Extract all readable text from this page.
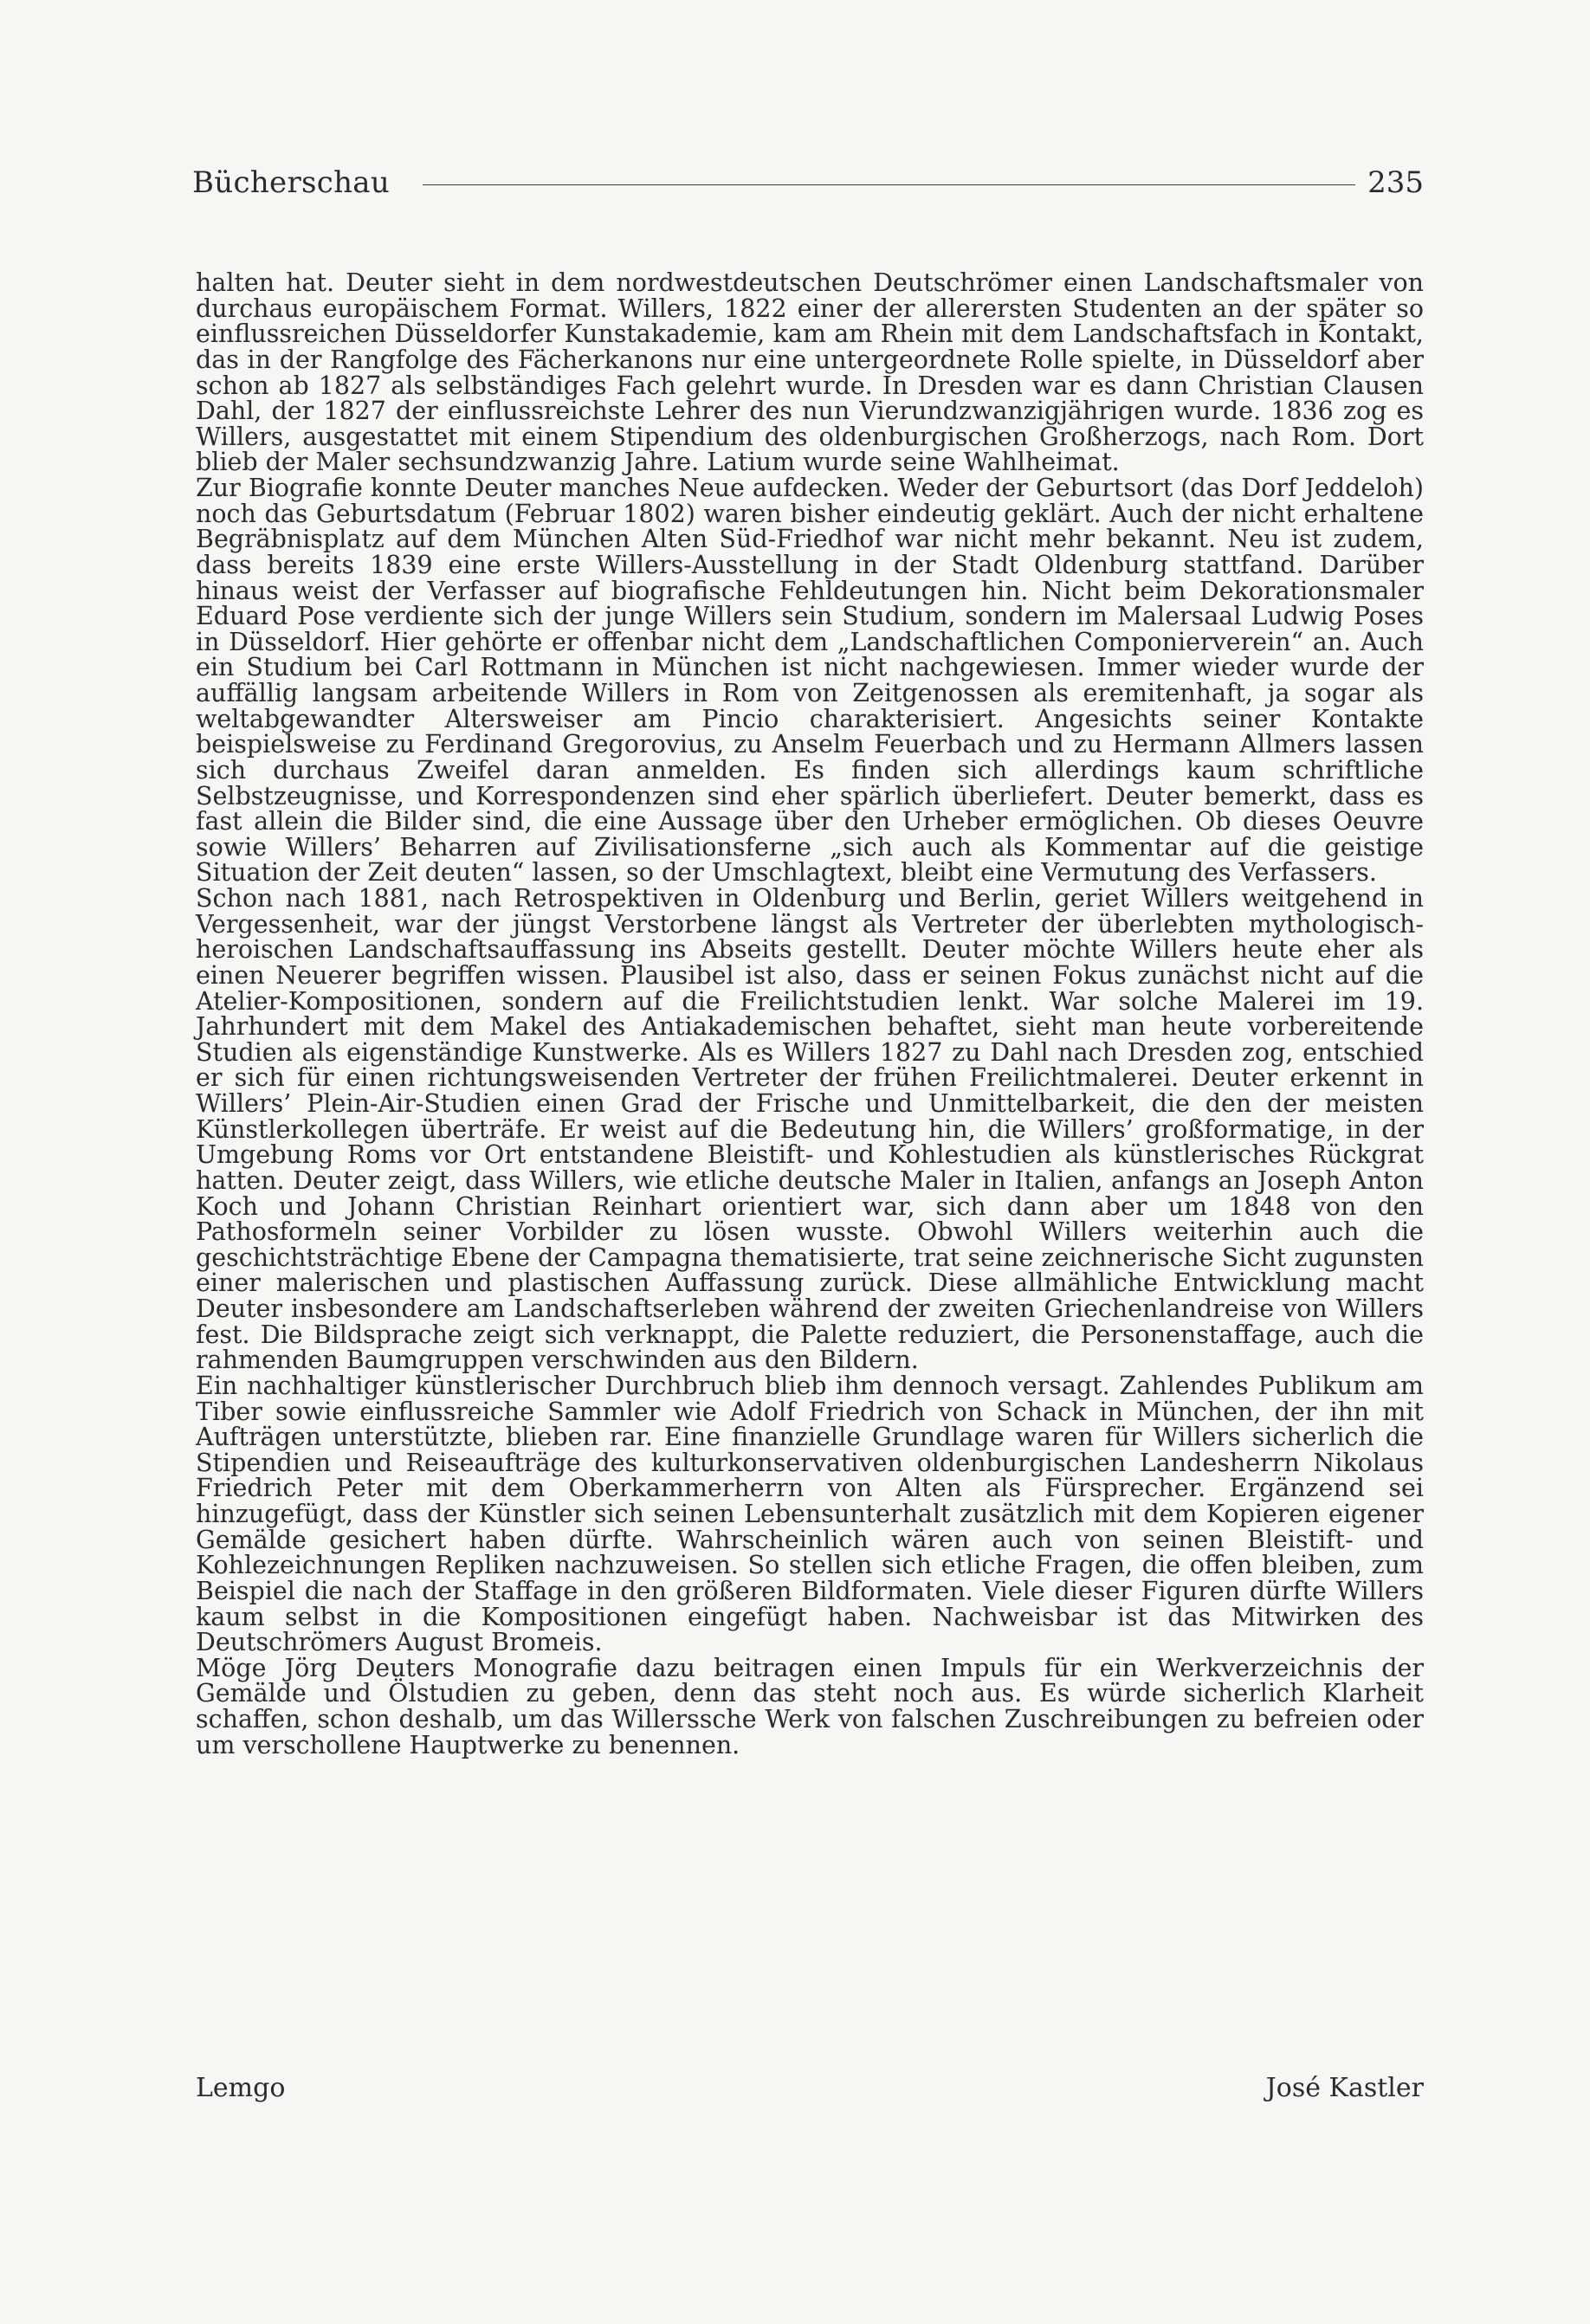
Bücherschau	235

halten hat. Deuter sieht in dem nordwestdeutschen Deutschrömer einen Landschaftsmaler von durchaus europäischem Format. Willers, 1822 einer der allerersten Studenten an der später so einflussreichen Düsseldorfer Kunstakademie, kam am Rhein mit dem Landschaftsfach in Kontakt, das in der Rangfolge des Fächerkanons nur eine untergeordnete Rolle spielte, in Düsseldorf aber schon ab 1827 als selbständiges Fach gelehrt wurde. In Dresden war es dann Christian Clausen Dahl, der 1827 der einflussreichste Lehrer des nun Vierundzwanzigjährigen wurde. 1836 zog es Willers, ausgestattet mit einem Stipendium des oldenburgischen Großherzogs, nach Rom. Dort blieb der Maler sechsundzwanzig Jahre. Latium wurde seine Wahlheimat.

Zur Biografie konnte Deuter manches Neue aufdecken. Weder der Geburtsort (das Dorf Jeddeloh) noch das Geburtsdatum (Februar 1802) waren bisher eindeutig geklärt. Auch der nicht erhaltene Begräbnisplatz auf dem München Alten Süd-Friedhof war nicht mehr bekannt. Neu ist zudem, dass bereits 1839 eine erste Willers-Ausstellung in der Stadt Oldenburg stattfand. Darüber hinaus weist der Verfasser auf biografische Fehldeutungen hin. Nicht beim Dekorationsmaler Eduard Pose verdiente sich der junge Willers sein Studium, sondern im Malersaal Ludwig Poses in Düsseldorf. Hier gehörte er offenbar nicht dem „Landschaftlichen Componierverein“ an. Auch ein Studium bei Carl Rottmann in München ist nicht nachgewiesen. Immer wieder wurde der auffällig langsam arbeitende Willers in Rom von Zeitgenossen als eremitenhaft, ja sogar als weltabgewandter Altersweiser am Pincio charakterisiert. Angesichts seiner Kontakte beispielsweise zu Ferdinand Gregorovius, zu Anselm Feuerbach und zu Hermann Allmers lassen sich durchaus Zweifel daran anmelden. Es finden sich allerdings kaum schriftliche Selbstzeugnisse, und Korrespondenzen sind eher spärlich überliefert. Deuter bemerkt, dass es fast allein die Bilder sind, die eine Aussage über den Urheber ermöglichen. Ob dieses Oeuvre sowie Willers’ Beharren auf Zivilisationsferne „sich auch als Kommentar auf die geistige Situation der Zeit deuten“ lassen, so der Umschlagtext, bleibt eine Vermutung des Verfassers.

Schon nach 1881, nach Retrospektiven in Oldenburg und Berlin, geriet Willers weitgehend in Vergessenheit, war der jüngst Verstorbene längst als Vertreter der überlebten mythologisch-heroischen Landschaftsauffassung ins Abseits gestellt. Deuter möchte Willers heute eher als einen Neuerer begriffen wissen. Plausibel ist also, dass er seinen Fokus zunächst nicht auf die Atelier-Kompositionen, sondern auf die Freilichtstudien lenkt. War solche Malerei im 19. Jahrhundert mit dem Makel des Antiakademischen behaftet, sieht man heute vorbereitende Studien als eigenständige Kunstwerke. Als es Willers 1827 zu Dahl nach Dresden zog, entschied er sich für einen richtungsweisenden Vertreter der frühen Freilichtmalerei. Deuter erkennt in Willers’ Plein-Air-Studien einen Grad der Frische und Unmittelbarkeit, die den der meisten Künstlerkollegen überträfe. Er weist auf die Bedeutung hin, die Willers’ großformatige, in der Umgebung Roms vor Ort entstandene Bleistift- und Kohlestudien als künstlerisches Rückgrat hatten. Deuter zeigt, dass Willers, wie etliche deutsche Maler in Italien, anfangs an Joseph Anton Koch und Johann Christian Reinhart orientiert war, sich dann aber um 1848 von den Pathosformeln seiner Vorbilder zu lösen wusste. Obwohl Willers weiterhin auch die geschichtsträchtige Ebene der Campagna thematisierte, trat seine zeichnerische Sicht zugunsten einer malerischen und plastischen Auffassung zurück. Diese allmähliche Entwicklung macht Deuter insbesondere am Landschaftserleben während der zweiten Griechenlandreise von Willers fest. Die Bildsprache zeigt sich verknappt, die Palette reduziert, die Personenstaffage, auch die rahmenden Baumgruppen verschwinden aus den Bildern.

Ein nachhaltiger künstlerischer Durchbruch blieb ihm dennoch versagt. Zahlendes Publikum am Tiber sowie einflussreiche Sammler wie Adolf Friedrich von Schack in München, der ihn mit Aufträgen unterstützte, blieben rar. Eine finanzielle Grundlage waren für Willers sicherlich die Stipendien und Reiseaufträge des kulturkonservativen oldenburgischen Landesherrn Nikolaus Friedrich Peter mit dem Oberkammerherrn von Alten als Fürsprecher. Ergänzend sei hinzugefügt, dass der Künstler sich seinen Lebensunterhalt zusätzlich mit dem Kopieren eigener Gemälde gesichert haben dürfte. Wahrscheinlich wären auch von seinen Bleistift- und Kohlezeichnungen Repliken nachzuweisen. So stellen sich etliche Fragen, die offen bleiben, zum Beispiel die nach der Staffage in den größeren Bildformaten. Viele dieser Figuren dürfte Willers kaum selbst in die Kompositionen eingefügt haben. Nachweisbar ist das Mitwirken des Deutschrömers August Bromeis.

Möge Jörg Deuters Monografie dazu beitragen einen Impuls für ein Werkverzeichnis der Gemälde und Ölstudien zu geben, denn das steht noch aus. Es würde sicherlich Klarheit schaffen, schon deshalb, um das Willerssche Werk von falschen Zuschreibungen zu befreien oder um verschollene Hauptwerke zu benennen.

Lemgo	José Kastler
